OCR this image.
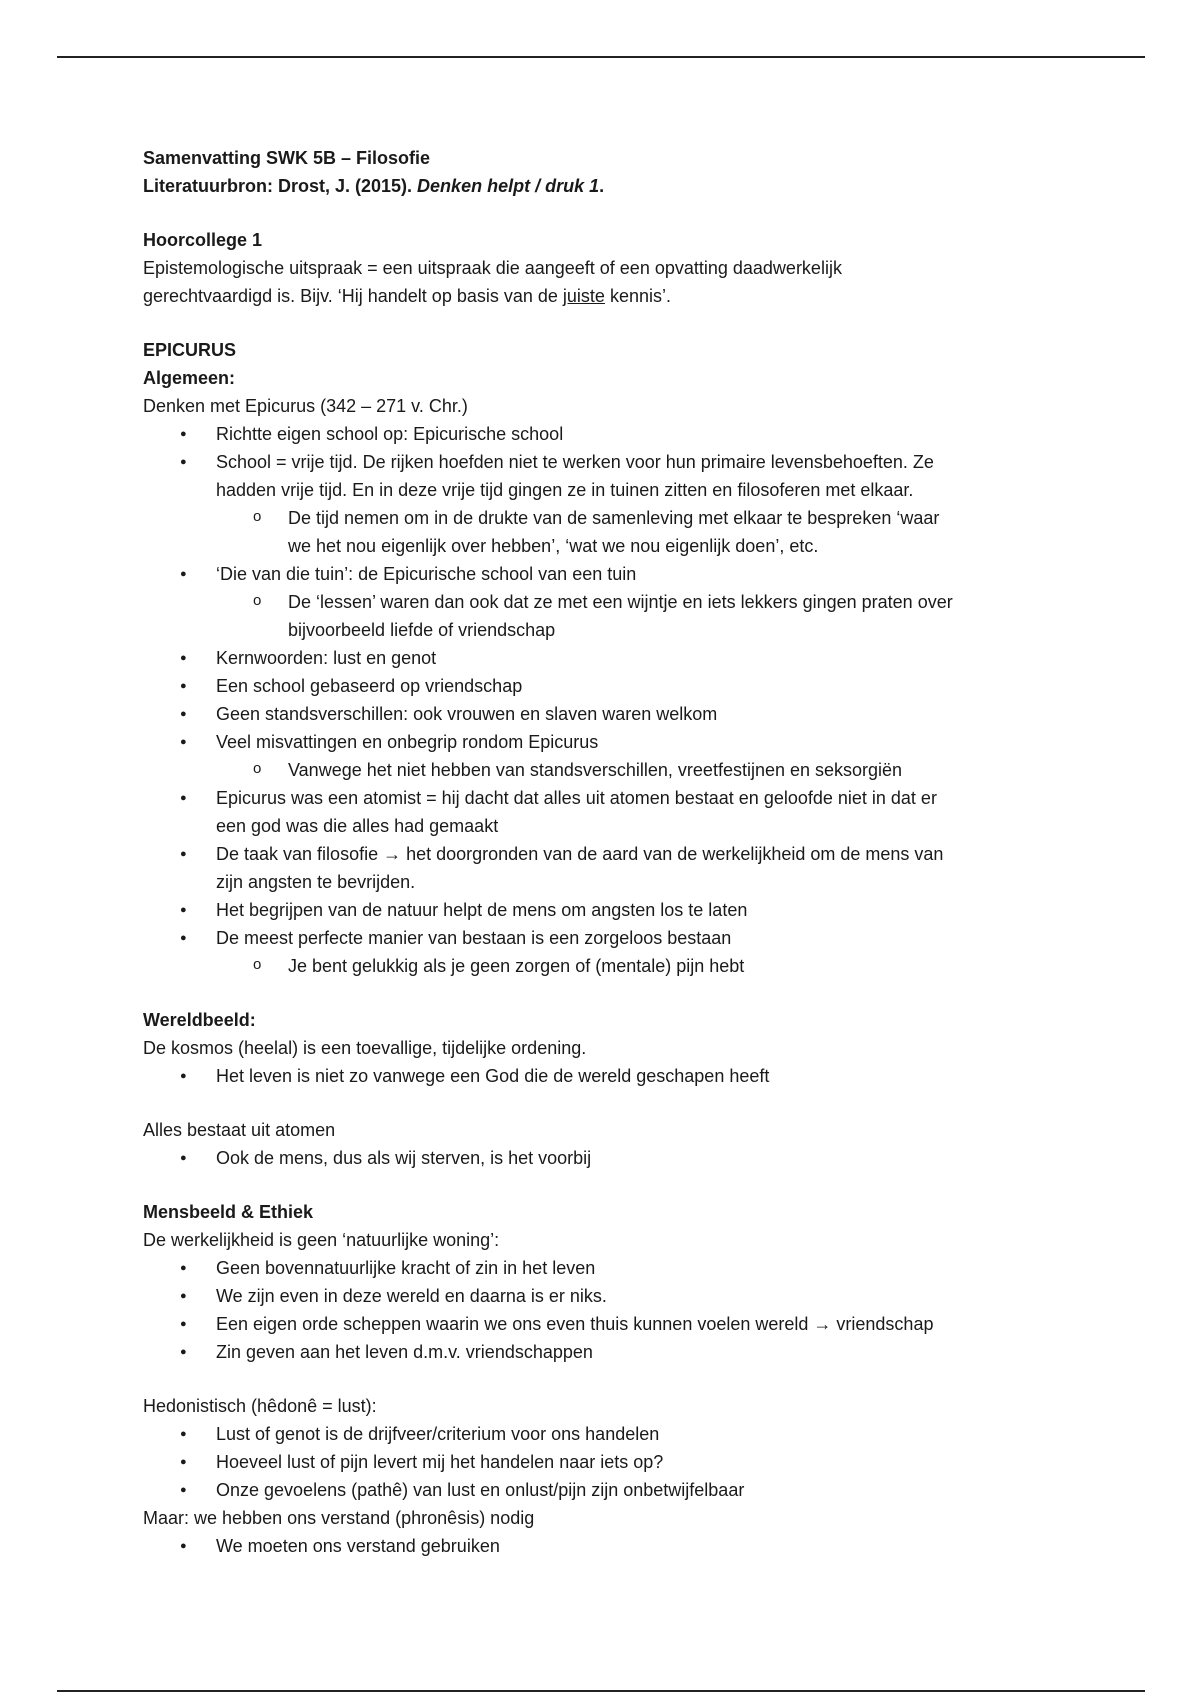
Samenvatting SWK 5B – Filosofie
Literatuurbron: Drost, J. (2015). Denken helpt / druk 1.
Hoorcollege 1
Epistemologische uitspraak = een uitspraak die aangeeft of een opvatting daadwerkelijk
gerechtvaardigd is. Bijv. ‘Hij handelt op basis van de juiste kennis’.
EPICURUS
Algemeen:
Denken met Epicurus (342 – 271 v. Chr.)
● Richtte eigen school op: Epicurische school
● School = vrije tijd. De rijken hoefden niet te werken voor hun primaire levensbehoeften. Ze
hadden vrije tijd. En in deze vrije tijd gingen ze in tuinen zitten en filosoferen met elkaar.
o De tijd nemen om in de drukte van de samenleving met elkaar te bespreken ‘waar
we het nou eigenlijk over hebben’, ‘wat we nou eigenlijk doen’, etc.
● ‘Die van die tuin’: de Epicurische school van een tuin
o De ‘lessen’ waren dan ook dat ze met een wijntje en iets lekkers gingen praten over
bijvoorbeeld liefde of vriendschap
● Kernwoorden: lust en genot
● Een school gebaseerd op vriendschap
● Geen standsverschillen: ook vrouwen en slaven waren welkom
● Veel misvattingen en onbegrip rondom Epicurus
o Vanwege het niet hebben van standsverschillen, vreetfestijnen en seksorgiën
● Epicurus was een atomist = hij dacht dat alles uit atomen bestaat en geloofde niet in dat er
een god was die alles had gemaakt
● De taak van filosofie → het doorgronden van de aard van de werkelijkheid om de mens van
zijn angsten te bevrijden.
● Het begrijpen van de natuur helpt de mens om angsten los te laten
● De meest perfecte manier van bestaan is een zorgeloos bestaan
o Je bent gelukkig als je geen zorgen of (mentale) pijn hebt
Wereldbeeld:
De kosmos (heelal) is een toevallige, tijdelijke ordening.
● Het leven is niet zo vanwege een God die de wereld geschapen heeft
Alles bestaat uit atomen
● Ook de mens, dus als wij sterven, is het voorbij
Mensbeeld & Ethiek
De werkelijkheid is geen ‘natuurlijke woning’:
● Geen bovennatuurlijke kracht of zin in het leven
● We zijn even in deze wereld en daarna is er niks.
● Een eigen orde scheppen waarin we ons even thuis kunnen voelen wereld → vriendschap
● Zin geven aan het leven d.m.v. vriendschappen
Hedonistisch (hêdonê = lust):
● Lust of genot is de drijfveer/criterium voor ons handelen
● Hoeveel lust of pijn levert mij het handelen naar iets op?
● Onze gevoelens (pathê) van lust en onlust/pijn zijn onbetwijfelbaar
Maar: we hebben ons verstand (phronêsis) nodig
● We moeten ons verstand gebruiken
